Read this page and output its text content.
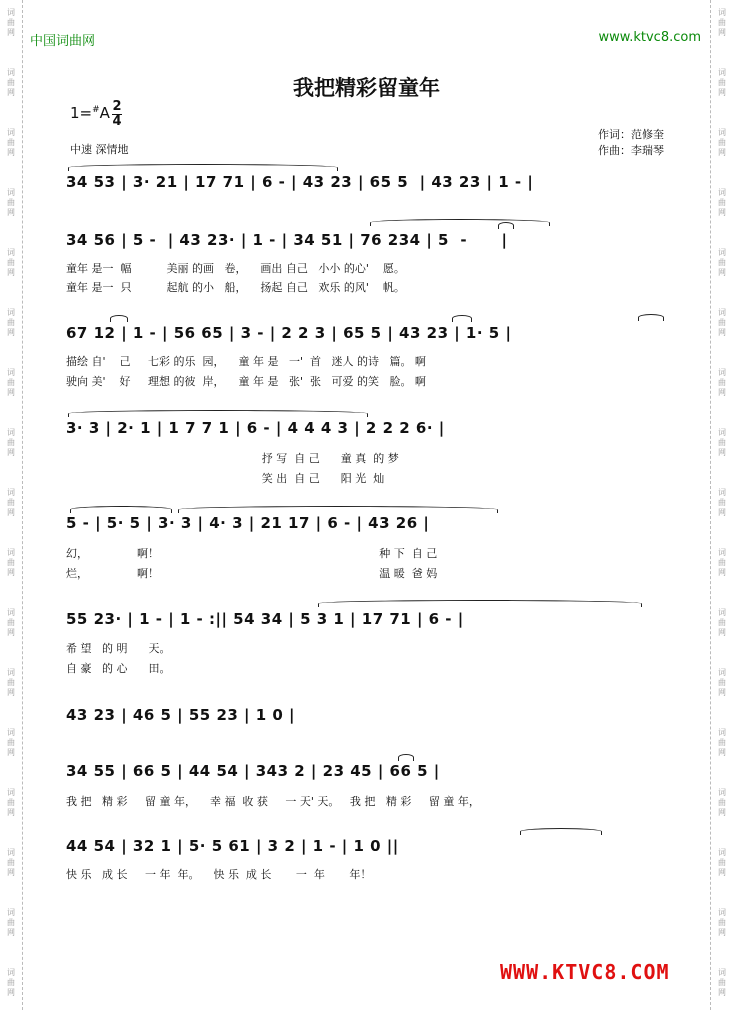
词
曲
网
词
曲
网
词
曲
网
词
曲
网
词
曲
网
词
曲
网
词
曲
网
词
曲
网
词
曲
网
词
曲
网
词
曲
网
词
曲
网
词
曲
网
词
曲
网
词
曲
网
词
曲
网
词
曲
网
词
曲
网
词
曲
网
词
曲
网
词
曲
网
词
曲
网
词
曲
网
词
曲
网
词
曲
网
词
曲
网
词
曲
网
词
曲
网
词
曲
网
词
曲
网
词
曲
网
词
曲
网
词
曲
网
词
曲
网
中国词曲网	www.ktvc8.com
我把精彩留童年
1=#A 2
4
中速 深情地
作词：范修奎
作曲：李瑞琴
34 53 | 3· 21 | 17 71 | 6 - | 43 23 | 65 5  | 43 23 | 1 - |
34 56 | 5 -  | 43 23· | 1 - | 34 51 | 76 234 | 5  -      |
童年 是一  幅          美丽 的画   卷，    画出 自己   小小 的心'    愿。
童年 是一  只          起航 的小   船，    扬起 自己   欢乐 的风'    帆。
67 12 | 1 - | 56 65 | 3 - | 2 2 3 | 65 5 | 43 23 | 1· 5 |
描绘 自'    己     七彩 的乐  园，    童 年 是   一'  首   迷人 的诗   篇。 啊
驶向 美'    好     理想 的彼  岸，    童 年 是   张'  张   可爱 的笑   脸。 啊
3· 3 | 2· 1 | 1 7 7 1 | 6 - | 4 4 4 3 | 2 2 2 6· |
抒 写  自 己      童 真  的 梦
笑 出  自 己      阳 光  灿
5 - | 5· 5 | 3· 3 | 4· 3 | 21 17 | 6 - | 43 26 |
幻，              啊！                                                               种 下  自 己
烂，              啊！                                                               温 暖  爸 妈
55 23· | 1 - | 1 - :|| 54 34 | 5 3 1 | 17 71 | 6 - |
希 望   的 明      天。
自 豪   的 心      田。
43 23 | 46 5 | 55 23 | 1 0 |
34 55 | 66 5 | 44 54 | 343 2 | 23 45 | 66 5 |
我 把   精 彩     留 童 年，    幸 福  收 获     一 天' 天。   我 把   精 彩     留 童 年，
44 54 | 32 1 | 5· 5 61 | 3 2 | 1 - | 1 0 ||
快 乐   成 长     一 年  年。    快 乐  成 长       一  年       年！
WWW.KTVC8.COM
